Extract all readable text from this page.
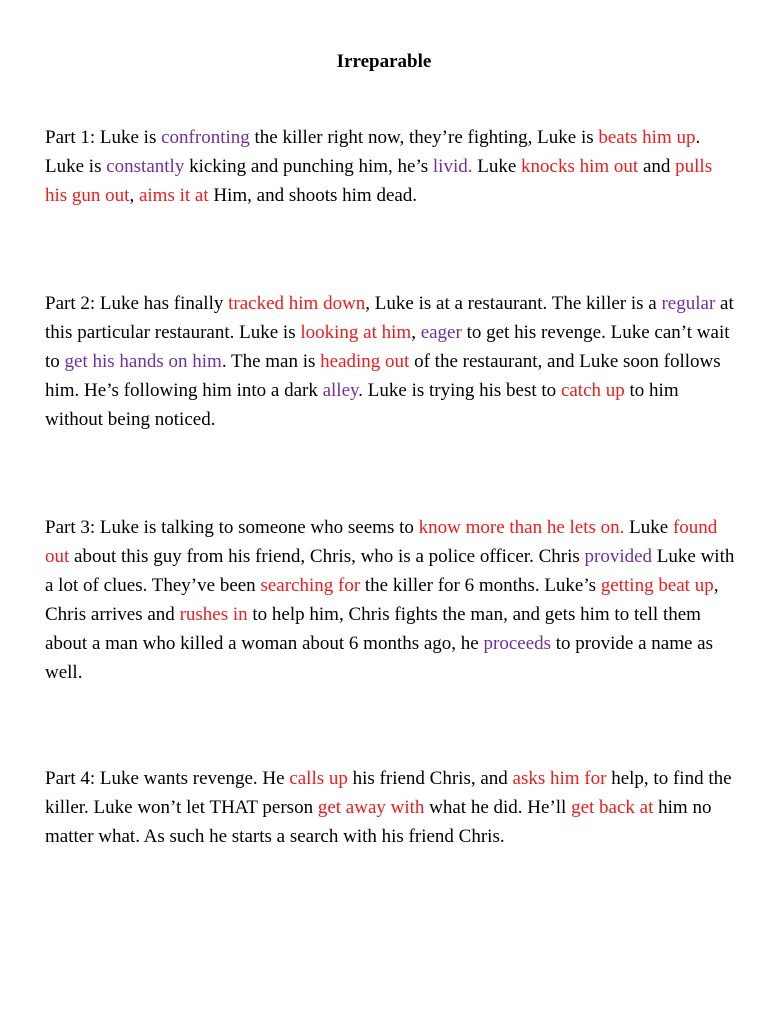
Irreparable

Part 1: Luke is confronting the killer right now, they’re fighting, Luke is beats him up. Luke is constantly kicking and punching him, he’s livid. Luke knocks him out and pulls his gun out, aims it at Him, and shoots him dead.

Part 2: Luke has finally tracked him down, Luke is at a restaurant. The killer is a regular at this particular restaurant. Luke is looking at him, eager to get his revenge. Luke can’t wait to get his hands on him. The man is heading out of the restaurant, and Luke soon follows him. He’s following him into a dark alley. Luke is trying his best to catch up to him without being noticed.

Part 3: Luke is talking to someone who seems to know more than he lets on. Luke found out about this guy from his friend, Chris, who is a police officer. Chris provided Luke with a lot of clues. They’ve been searching for the killer for 6 months. Luke’s getting beat up, Chris arrives and rushes in to help him, Chris fights the man, and gets him to tell them about a man who killed a woman about 6 months ago, he proceeds to provide a name as well.

Part 4: Luke wants revenge. He calls up his friend Chris, and asks him for help, to find the killer. Luke won’t let THAT person get away with what he did. He’ll get back at him no matter what. As such he starts a search with his friend Chris.
